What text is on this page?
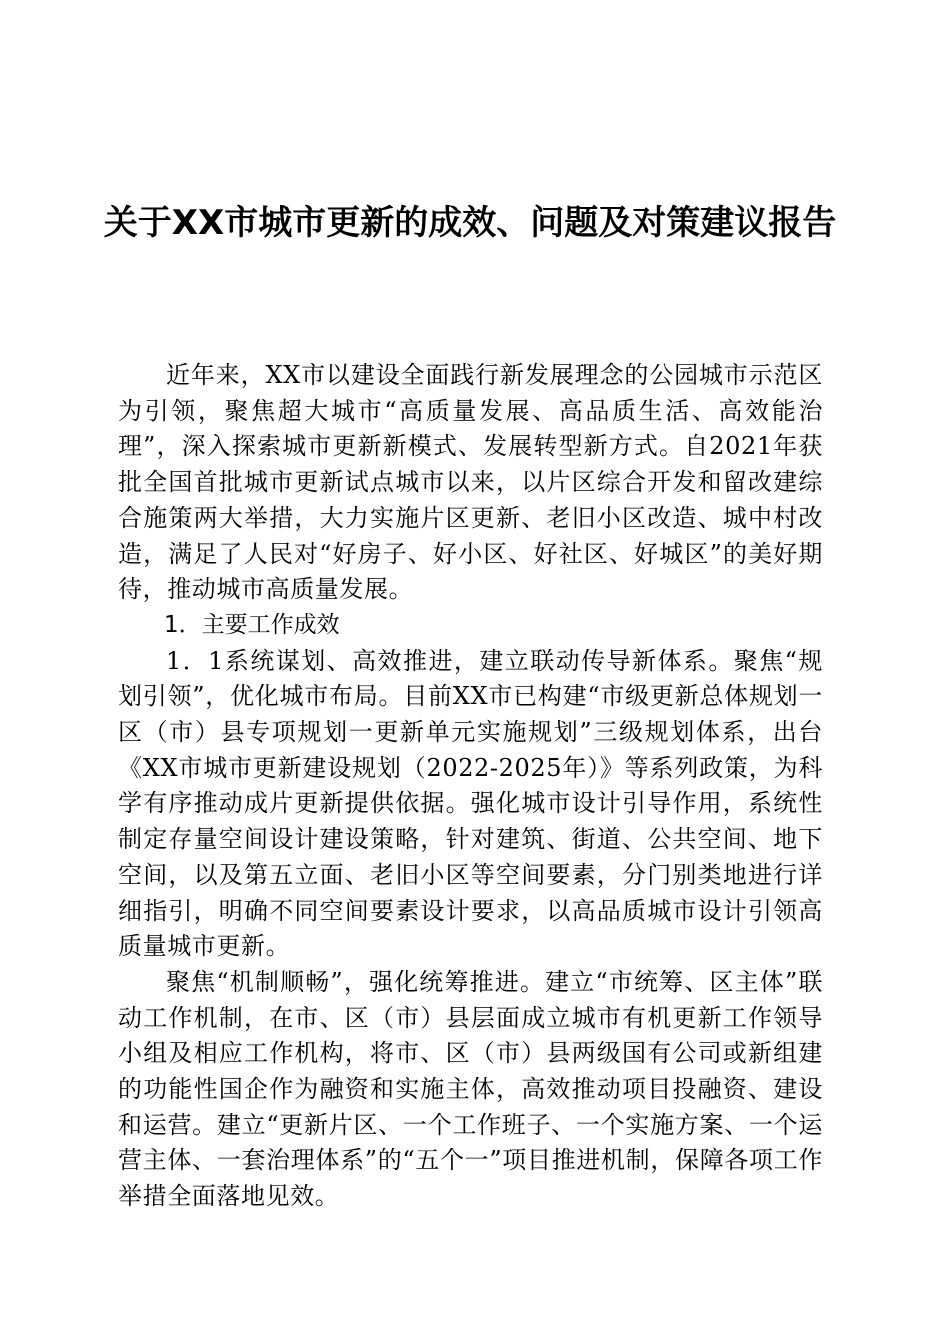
关于XX市城市更新的成效、问题及对策建议报告

近年来，XX市以建设全面践行新发展理念的公园城市示范区为引领，聚焦超大城市“高质量发展、高品质生活、高效能治理”，深入探索城市更新新模式、发展转型新方式。自2021年获批全国首批城市更新试点城市以来，以片区综合开发和留改建综合施策两大举措，大力实施片区更新、老旧小区改造、城中村改造，满足了人民对“好房子、好小区、好社区、好城区”的美好期待，推动城市高质量发展。

1．主要工作成效

1．1系统谋划、高效推进，建立联动传导新体系。聚焦“规划引领”，优化城市布局。目前XX市已构建“市级更新总体规划一区（市）县专项规划一更新单元实施规划”三级规划体系，出台《XX市城市更新建设规划（2022-2025年）》等系列政策，为科学有序推动成片更新提供依据。强化城市设计引导作用，系统性制定存量空间设计建设策略，针对建筑、街道、公共空间、地下空间，以及第五立面、老旧小区等空间要素，分门别类地进行详细指引，明确不同空间要素设计要求，以高品质城市设计引领高质量城市更新。

聚焦“机制顺畅”，强化统筹推进。建立“市统筹、区主体”联动工作机制，在市、区（市）县层面成立城市有机更新工作领导小组及相应工作机构，将市、区（市）县两级国有公司或新组建的功能性国企作为融资和实施主体，高效推动项目投融资、建设和运营。建立“更新片区、一个工作班子、一个实施方案、一个运营主体、一套治理体系”的“五个一”项目推进机制，保障各项工作举措全面落地见效。
